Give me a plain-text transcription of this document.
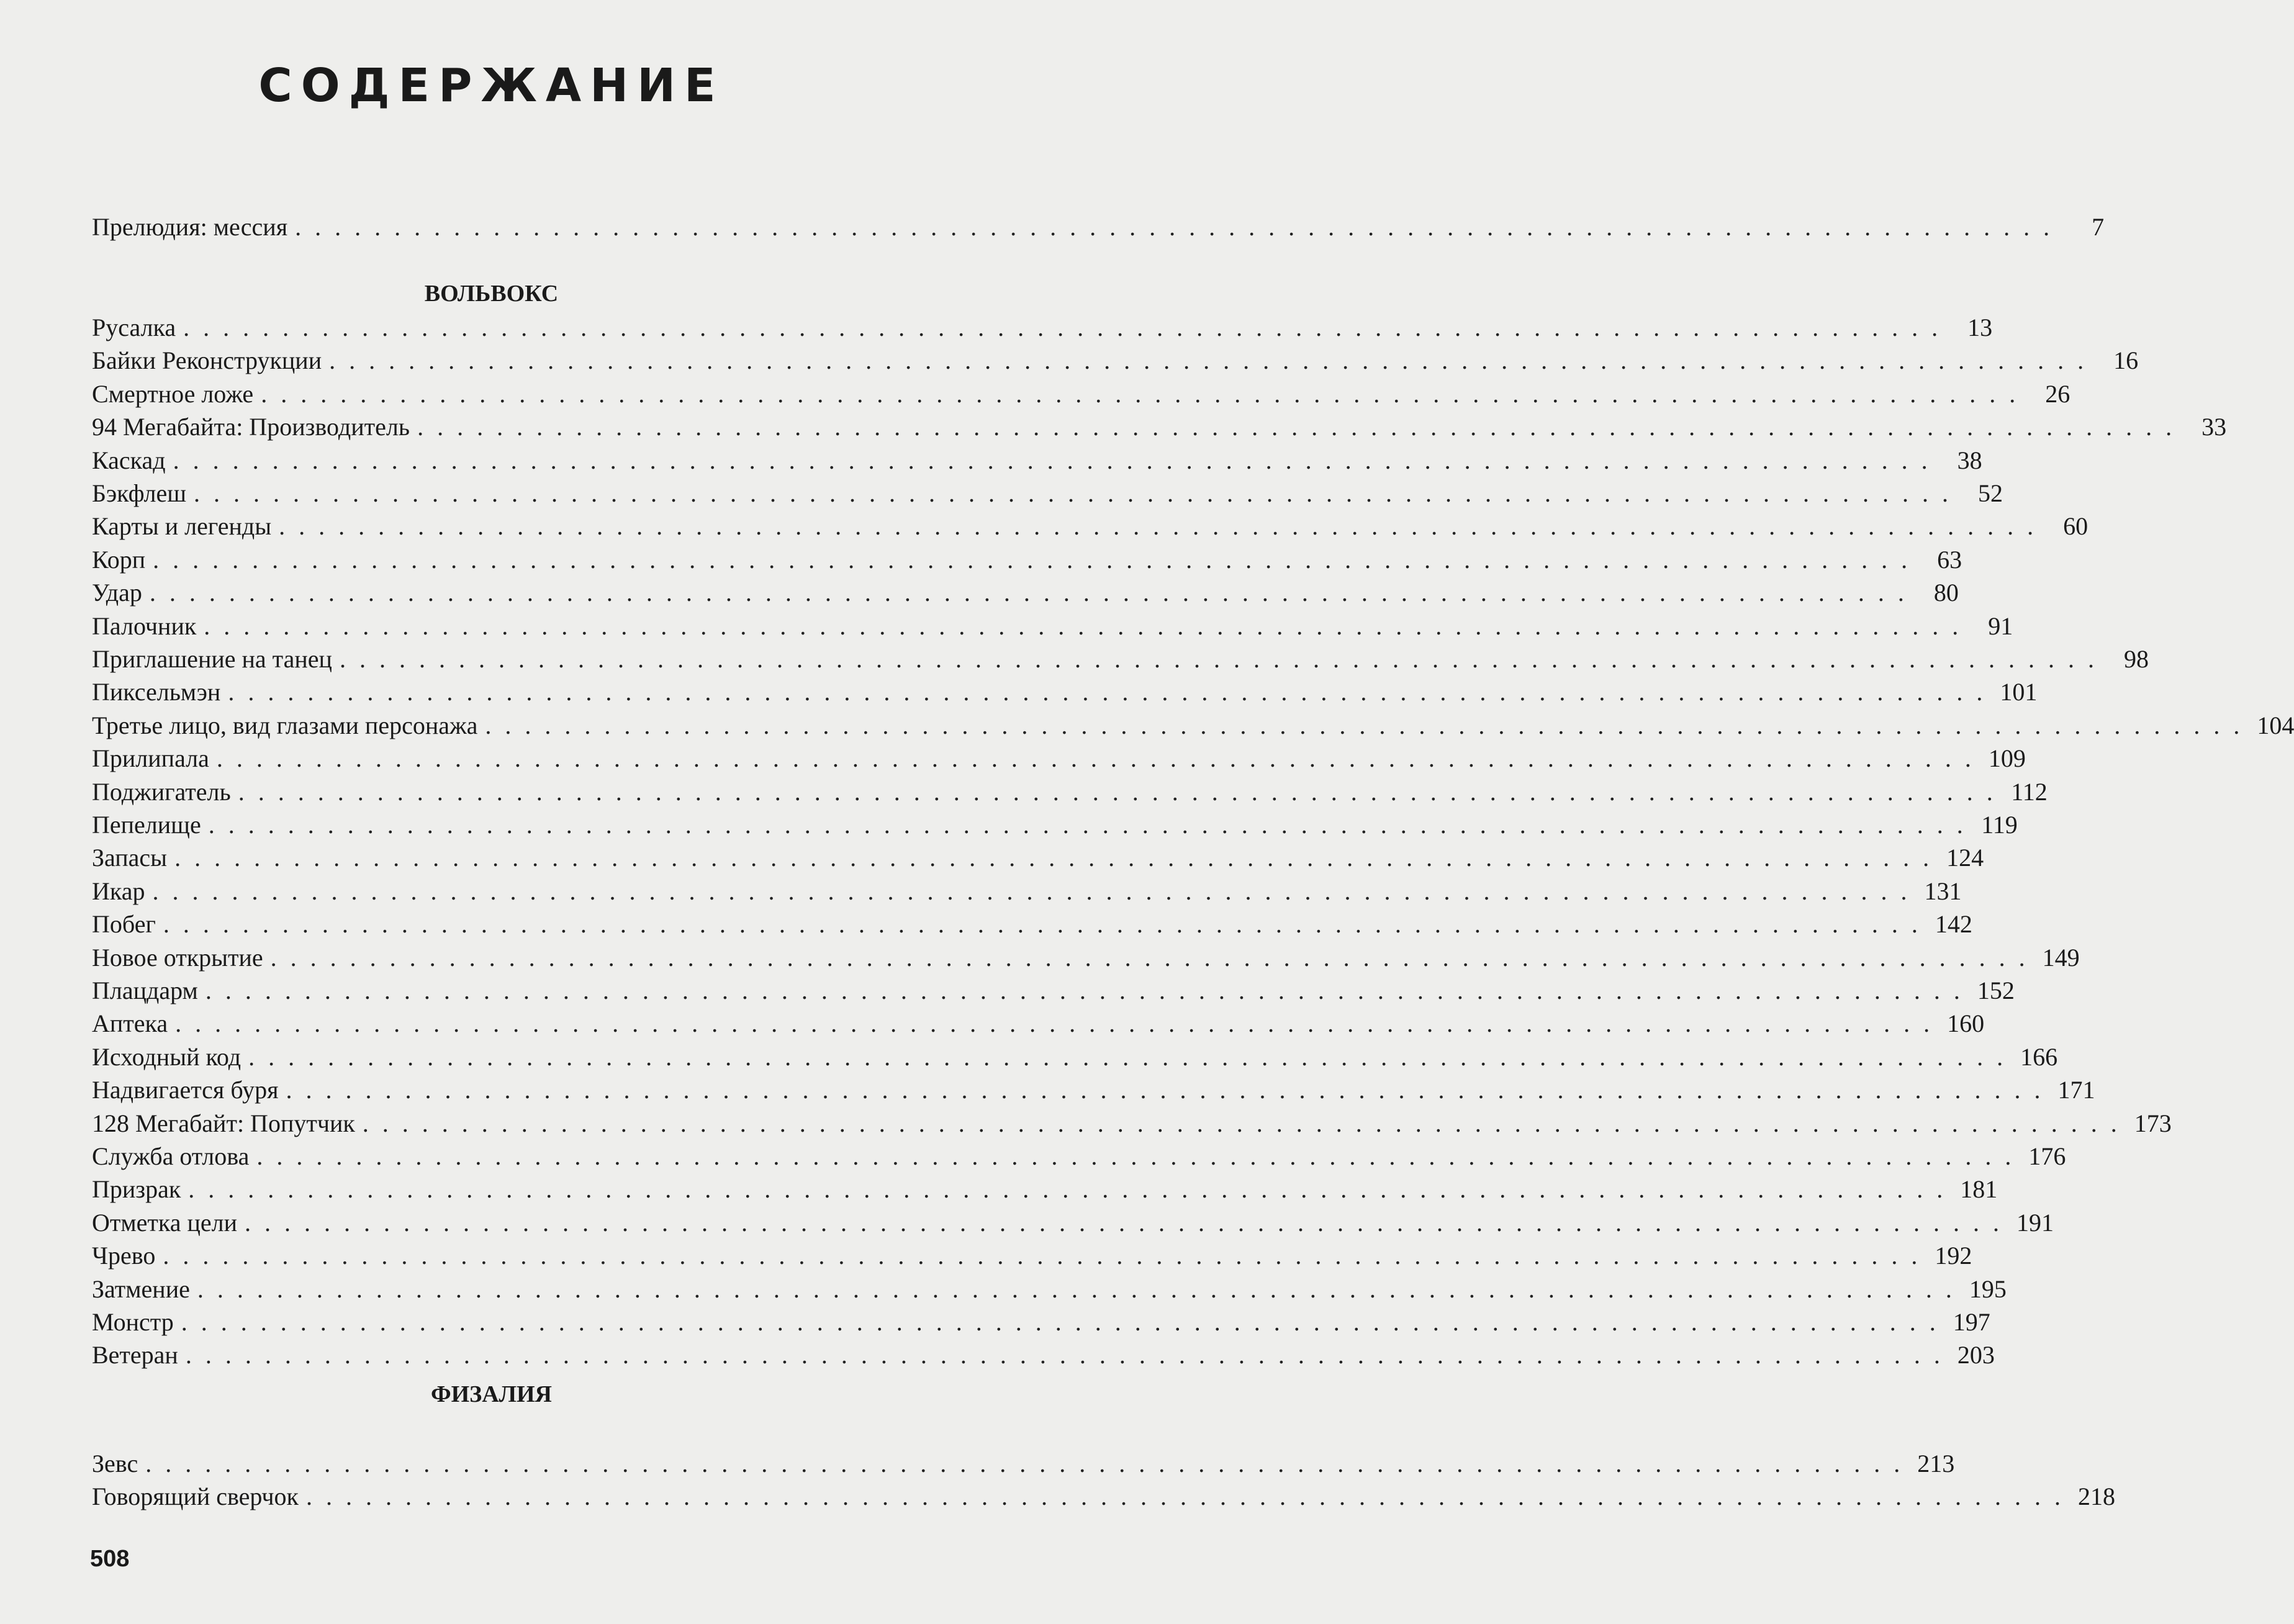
СОДЕРЖАНИЕ
Прелюдия: мессия . . . . . . . . . . . . . . . . . . . . . . . . . . . . . . . . . . . . . . . . . . . . . . . . . . . . . . . . . . . . . . . . . . . . . . . . . . . . . . . . . . . . . . . . .	7
ВОЛЬВОКС
Русалка . . . . . . . . . . . . . . . . . . . . . . . . . . . . . . . . . . . . . . . . . . . . . . . . . . . . . . . . . . . . . . . . . . . . . . . . . . . . . . . . . . . . . . . . .	13
Байки Реконструкции . . . . . . . . . . . . . . . . . . . . . . . . . . . . . . . . . . . . . . . . . . . . . . . . . . . . . . . . . . . . . . . . . . . . . . . . . . . . . . . . . . . . . . . . .	16
Смертное ложе . . . . . . . . . . . . . . . . . . . . . . . . . . . . . . . . . . . . . . . . . . . . . . . . . . . . . . . . . . . . . . . . . . . . . . . . . . . . . . . . . . . . . . . . .	26
94 Мегабайта: Производитель . . . . . . . . . . . . . . . . . . . . . . . . . . . . . . . . . . . . . . . . . . . . . . . . . . . . . . . . . . . . . . . . . . . . . . . . . . . . . . . . . . . . . . . . .	33
Каскад . . . . . . . . . . . . . . . . . . . . . . . . . . . . . . . . . . . . . . . . . . . . . . . . . . . . . . . . . . . . . . . . . . . . . . . . . . . . . . . . . . . . . . . . .	38
Бэкфлеш . . . . . . . . . . . . . . . . . . . . . . . . . . . . . . . . . . . . . . . . . . . . . . . . . . . . . . . . . . . . . . . . . . . . . . . . . . . . . . . . . . . . . . . . .	52
Карты и легенды . . . . . . . . . . . . . . . . . . . . . . . . . . . . . . . . . . . . . . . . . . . . . . . . . . . . . . . . . . . . . . . . . . . . . . . . . . . . . . . . . . . . . . . . .	60
Корп . . . . . . . . . . . . . . . . . . . . . . . . . . . . . . . . . . . . . . . . . . . . . . . . . . . . . . . . . . . . . . . . . . . . . . . . . . . . . . . . . . . . . . . . .	63
Удар . . . . . . . . . . . . . . . . . . . . . . . . . . . . . . . . . . . . . . . . . . . . . . . . . . . . . . . . . . . . . . . . . . . . . . . . . . . . . . . . . . . . . . . . .	80
Палочник . . . . . . . . . . . . . . . . . . . . . . . . . . . . . . . . . . . . . . . . . . . . . . . . . . . . . . . . . . . . . . . . . . . . . . . . . . . . . . . . . . . . . . . . .	91
Приглашение на танец . . . . . . . . . . . . . . . . . . . . . . . . . . . . . . . . . . . . . . . . . . . . . . . . . . . . . . . . . . . . . . . . . . . . . . . . . . . . . . . . . . . . . . . . .	98
Пиксельмэн . . . . . . . . . . . . . . . . . . . . . . . . . . . . . . . . . . . . . . . . . . . . . . . . . . . . . . . . . . . . . . . . . . . . . . . . . . . . . . . . . . . . . . . . . 101
Третье лицо, вид глазами персонажа . . . . . . . . . . . . . . . . . . . . . . . . . . . . . . . . . . . . . . . . . . . . . . . . . . . . . . . . . . . . . . . . . . . . . . . . . . . . . . . . . . . . . . . . . 104
Прилипала . . . . . . . . . . . . . . . . . . . . . . . . . . . . . . . . . . . . . . . . . . . . . . . . . . . . . . . . . . . . . . . . . . . . . . . . . . . . . . . . . . . . . . . . . 109
Поджигатель . . . . . . . . . . . . . . . . . . . . . . . . . . . . . . . . . . . . . . . . . . . . . . . . . . . . . . . . . . . . . . . . . . . . . . . . . . . . . . . . . . . . . . . . . 112
Пепелище . . . . . . . . . . . . . . . . . . . . . . . . . . . . . . . . . . . . . . . . . . . . . . . . . . . . . . . . . . . . . . . . . . . . . . . . . . . . . . . . . . . . . . . . . 119
Запасы . . . . . . . . . . . . . . . . . . . . . . . . . . . . . . . . . . . . . . . . . . . . . . . . . . . . . . . . . . . . . . . . . . . . . . . . . . . . . . . . . . . . . . . . . 124
Икар . . . . . . . . . . . . . . . . . . . . . . . . . . . . . . . . . . . . . . . . . . . . . . . . . . . . . . . . . . . . . . . . . . . . . . . . . . . . . . . . . . . . . . . . . 131
Побег . . . . . . . . . . . . . . . . . . . . . . . . . . . . . . . . . . . . . . . . . . . . . . . . . . . . . . . . . . . . . . . . . . . . . . . . . . . . . . . . . . . . . . . . . 142
Новое открытие . . . . . . . . . . . . . . . . . . . . . . . . . . . . . . . . . . . . . . . . . . . . . . . . . . . . . . . . . . . . . . . . . . . . . . . . . . . . . . . . . . . . . . . . . 149
Плацдарм . . . . . . . . . . . . . . . . . . . . . . . . . . . . . . . . . . . . . . . . . . . . . . . . . . . . . . . . . . . . . . . . . . . . . . . . . . . . . . . . . . . . . . . . . 152
Аптека . . . . . . . . . . . . . . . . . . . . . . . . . . . . . . . . . . . . . . . . . . . . . . . . . . . . . . . . . . . . . . . . . . . . . . . . . . . . . . . . . . . . . . . . . 160
Исходный код . . . . . . . . . . . . . . . . . . . . . . . . . . . . . . . . . . . . . . . . . . . . . . . . . . . . . . . . . . . . . . . . . . . . . . . . . . . . . . . . . . . . . . . . . 166
Надвигается буря . . . . . . . . . . . . . . . . . . . . . . . . . . . . . . . . . . . . . . . . . . . . . . . . . . . . . . . . . . . . . . . . . . . . . . . . . . . . . . . . . . . . . . . . . 171
128 Мегабайт: Попутчик . . . . . . . . . . . . . . . . . . . . . . . . . . . . . . . . . . . . . . . . . . . . . . . . . . . . . . . . . . . . . . . . . . . . . . . . . . . . . . . . . . . . . . . . . 173
Служба отлова . . . . . . . . . . . . . . . . . . . . . . . . . . . . . . . . . . . . . . . . . . . . . . . . . . . . . . . . . . . . . . . . . . . . . . . . . . . . . . . . . . . . . . . . . 176
Призрак . . . . . . . . . . . . . . . . . . . . . . . . . . . . . . . . . . . . . . . . . . . . . . . . . . . . . . . . . . . . . . . . . . . . . . . . . . . . . . . . . . . . . . . . . 181
Отметка цели . . . . . . . . . . . . . . . . . . . . . . . . . . . . . . . . . . . . . . . . . . . . . . . . . . . . . . . . . . . . . . . . . . . . . . . . . . . . . . . . . . . . . . . . . 191
Чрево . . . . . . . . . . . . . . . . . . . . . . . . . . . . . . . . . . . . . . . . . . . . . . . . . . . . . . . . . . . . . . . . . . . . . . . . . . . . . . . . . . . . . . . . . 192
Затмение . . . . . . . . . . . . . . . . . . . . . . . . . . . . . . . . . . . . . . . . . . . . . . . . . . . . . . . . . . . . . . . . . . . . . . . . . . . . . . . . . . . . . . . . . 195
Монстр . . . . . . . . . . . . . . . . . . . . . . . . . . . . . . . . . . . . . . . . . . . . . . . . . . . . . . . . . . . . . . . . . . . . . . . . . . . . . . . . . . . . . . . . . 197
Ветеран . . . . . . . . . . . . . . . . . . . . . . . . . . . . . . . . . . . . . . . . . . . . . . . . . . . . . . . . . . . . . . . . . . . . . . . . . . . . . . . . . . . . . . . . . 203
ФИЗАЛИЯ
Зевс . . . . . . . . . . . . . . . . . . . . . . . . . . . . . . . . . . . . . . . . . . . . . . . . . . . . . . . . . . . . . . . . . . . . . . . . . . . . . . . . . . . . . . . . . 213
Говорящий сверчок . . . . . . . . . . . . . . . . . . . . . . . . . . . . . . . . . . . . . . . . . . . . . . . . . . . . . . . . . . . . . . . . . . . . . . . . . . . . . . . . . . . . . . . . . 218
508
